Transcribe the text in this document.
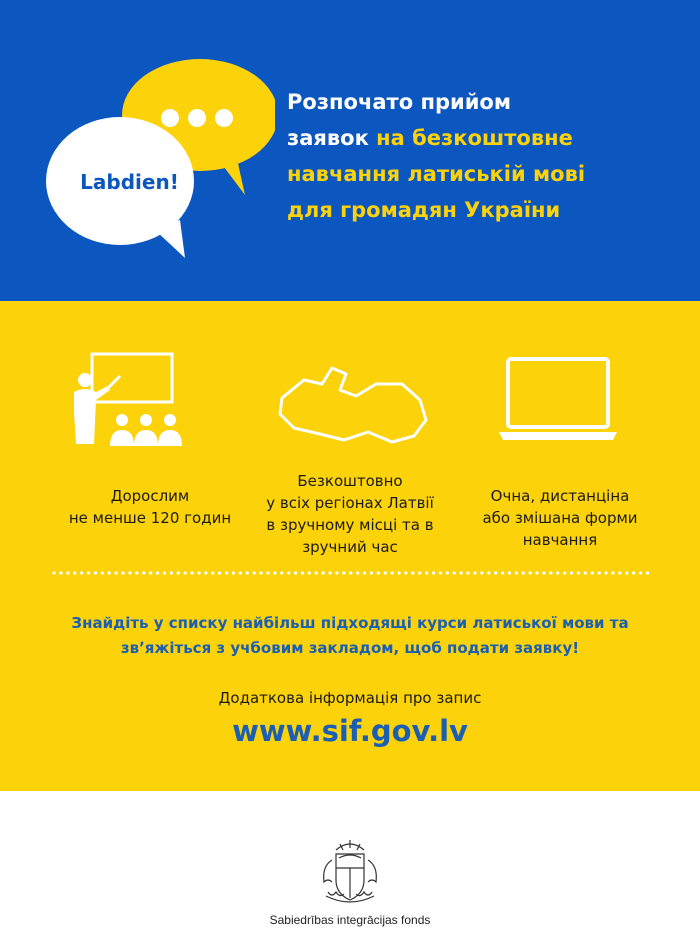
Labdien!
Розпочато прийом
заявок на безкоштовне
навчання латиській мові
для громадян України
Дорослим
не менше 120 годин
Безкоштовно
у всіх регіонах Латвії
в зручному місці та в
зручний час
Очна, дистанціна
або змішана форми
навчання
Знайдіть у списку найбільш підходящі курси латиської мови та
звʼяжіться з учбовим закладом, щоб подати заявку!
Додаткова інформація про запис
www.sif.gov.lv
Sabiedrības integrācijas fonds
